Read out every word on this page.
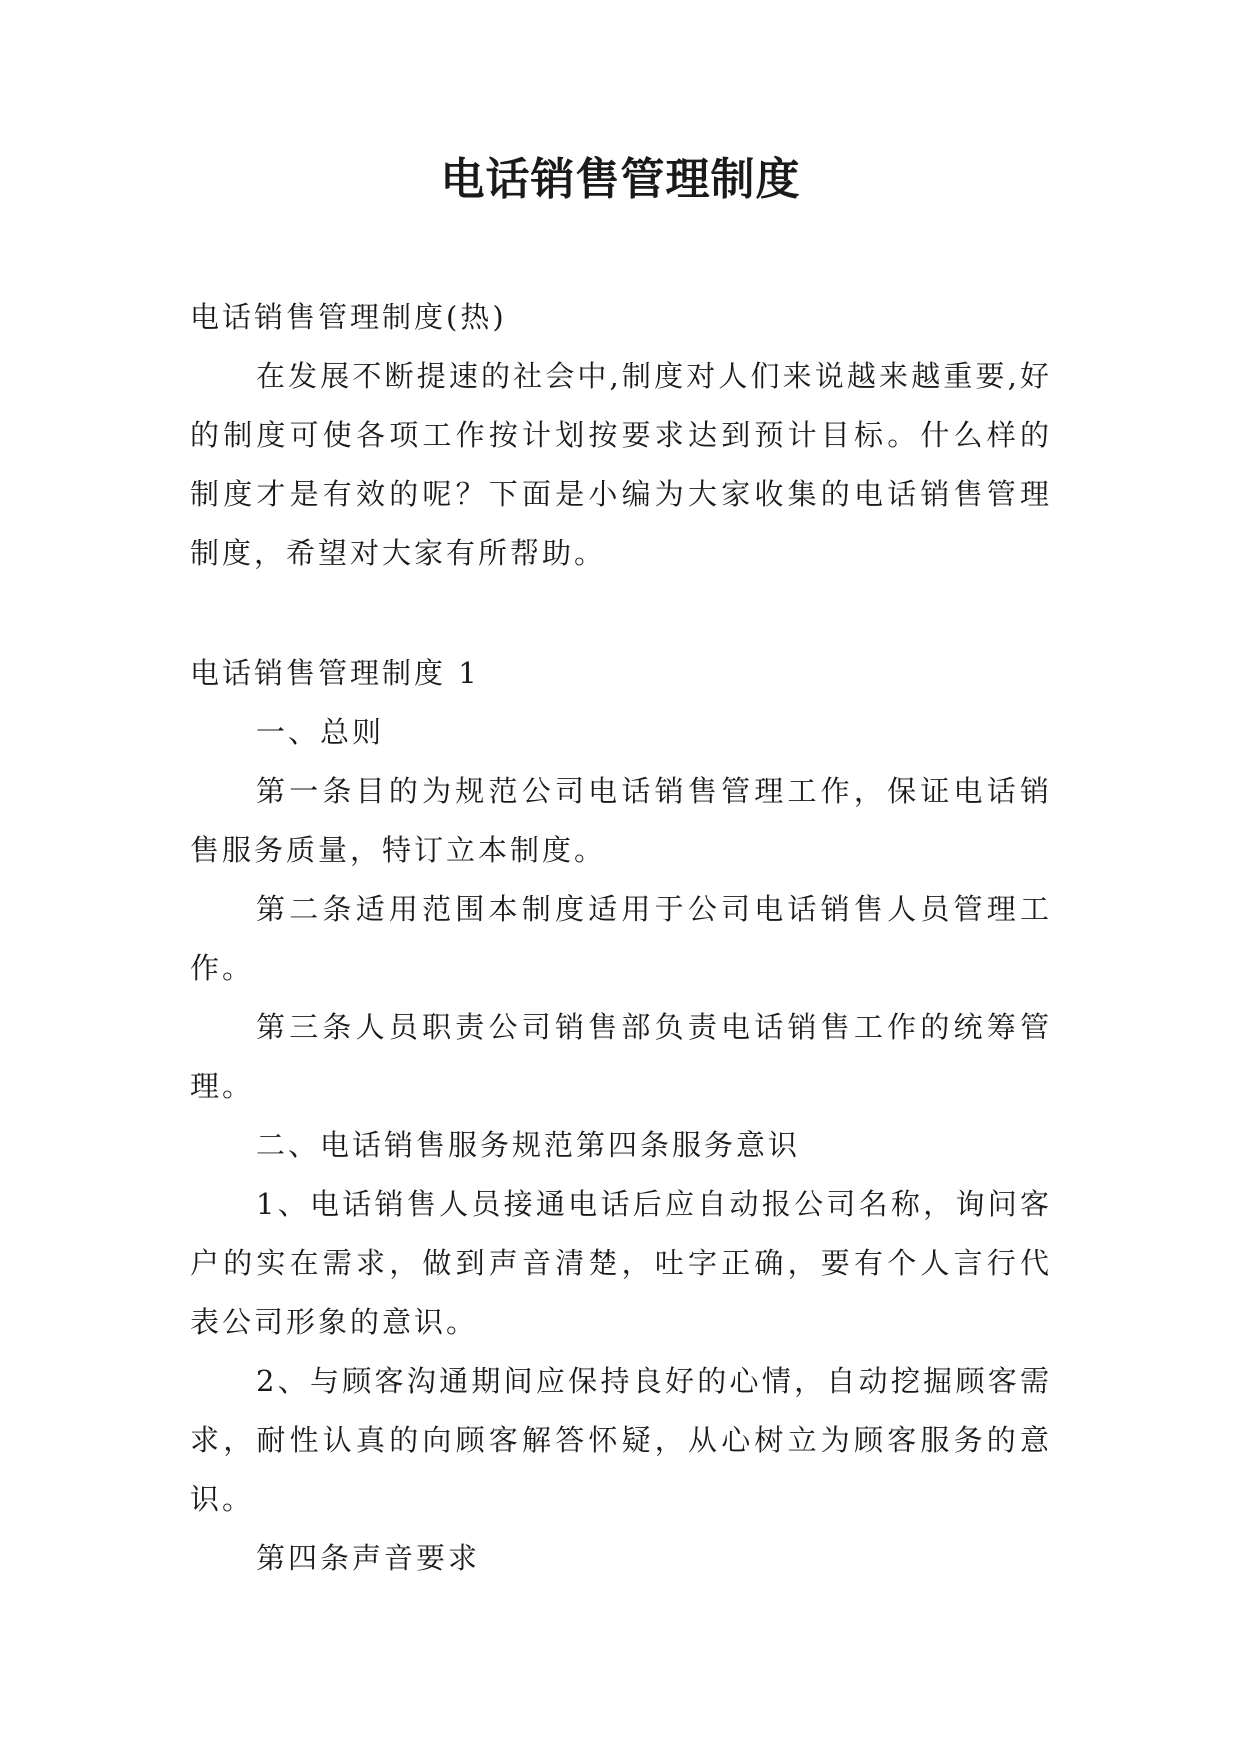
电话销售管理制度

电话销售管理制度(热)

在发展不断提速的社会中,制度对人们来说越来越重要,好的制度可使各项工作按计划按要求达到预计目标。什么样的制度才是有效的呢？下面是小编为大家收集的电话销售管理制度，希望对大家有所帮助。

电话销售管理制度 1

一、总则

第一条目的为规范公司电话销售管理工作，保证电话销售服务质量，特订立本制度。

第二条适用范围本制度适用于公司电话销售人员管理工作。

第三条人员职责公司销售部负责电话销售工作的统筹管理。

二、电话销售服务规范第四条服务意识

1、电话销售人员接通电话后应自动报公司名称，询问客户的实在需求，做到声音清楚，吐字正确，要有个人言行代表公司形象的意识。

2、与顾客沟通期间应保持良好的心情，自动挖掘顾客需求，耐性认真的向顾客解答怀疑，从心树立为顾客服务的意识。

第四条声音要求
